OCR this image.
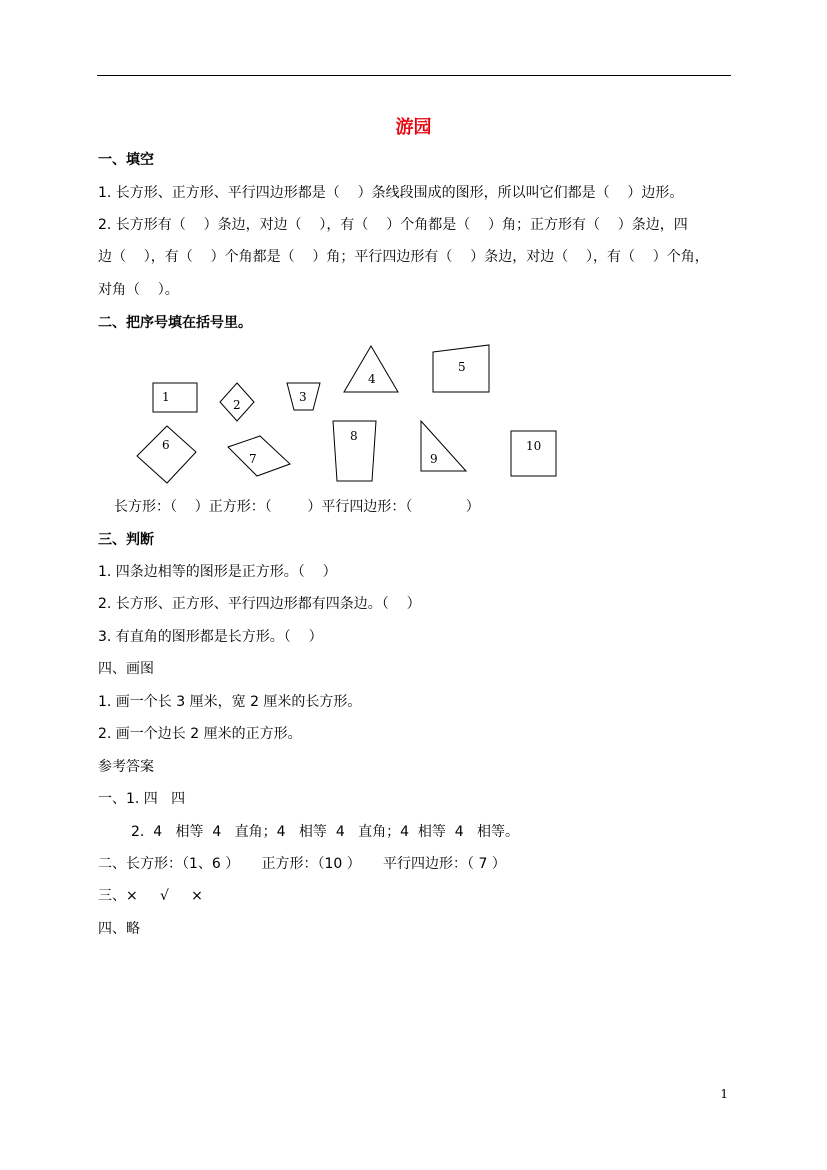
游园
一、填空
1. 长方形、正方形、平行四边形都是（    ）条线段围成的图形，所以叫它们都是（    ）边形。
2. 长方形有（    ）条边，对边（    ），有（    ）个角都是（    ）角；正方形有（    ）条边，四
边（    ），有（    ）个角都是（    ）角；平行四边形有（    ）条边，对边（    ），有（    ）个角，
对角（    ）。
二、把序号填在括号里。
1
2
3
4
5
6
7
8
9
10
长方形：（    ）正方形：（        ）平行四边形：（            ）
三、判断
1. 四条边相等的图形是正方形。（    ）
2. 长方形、正方形、平行四边形都有四条边。（    ）
3. 有直角的图形都是长方形。（    ）
四、画图
1. 画一个长 3 厘米，宽 2 厘米的长方形。
2. 画一个边长 2 厘米的正方形。
参考答案
一、1. 四   四
2.  4   相等  4   直角；4   相等  4   直角；4  相等  4   相等。
二、长方形：（1、6 ）     正方形：（10 ）     平行四边形：（ 7 ）
三、×     √     ×
四、略
1
